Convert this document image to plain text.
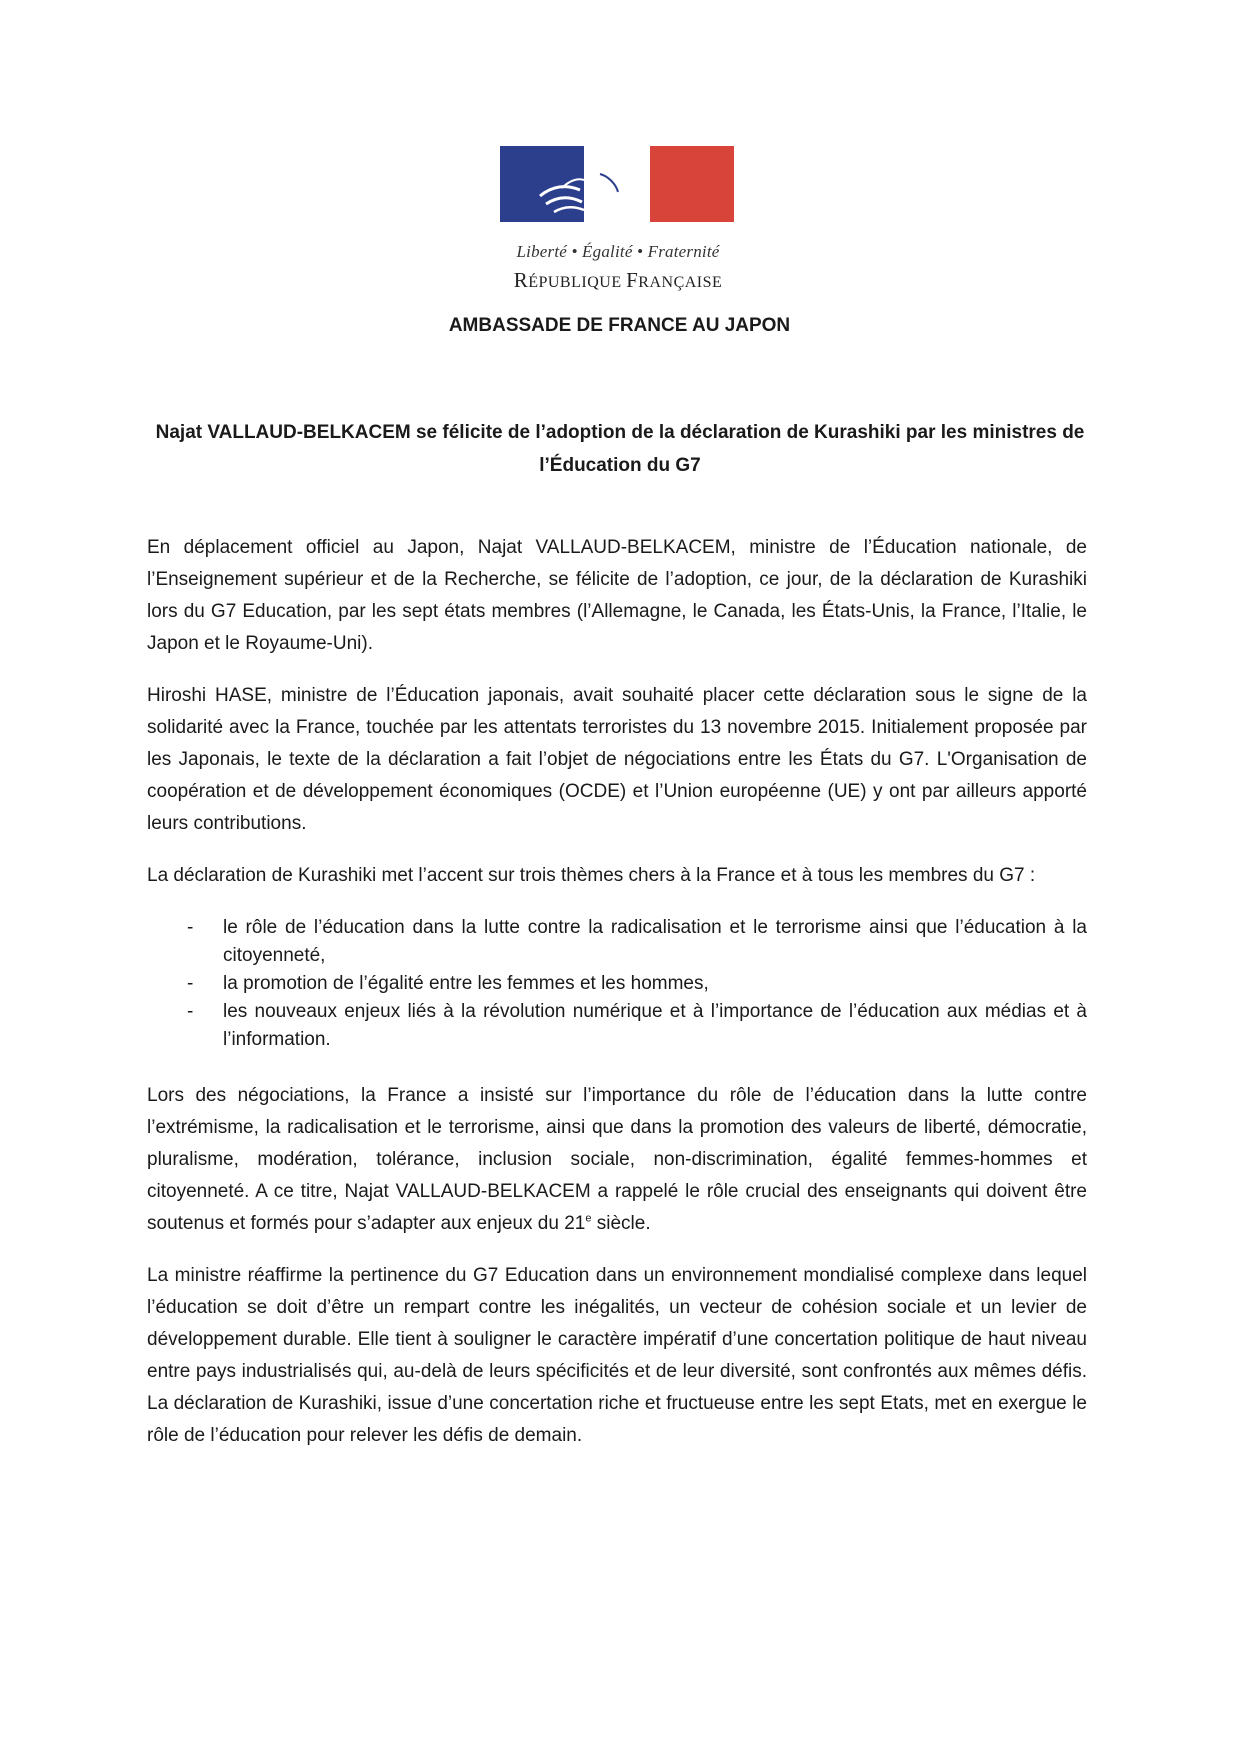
Liberté • Égalité • Fraternité
RÉPUBLIQUE FRANÇAISE
AMBASSADE DE FRANCE AU JAPON
Najat VALLAUD-BELKACEM se félicite de l’adoption de la déclaration de Kurashiki par les ministres de l’Éducation du G7

En déplacement officiel au Japon, Najat VALLAUD-BELKACEM, ministre de l’Éducation nationale, de l’Enseignement supérieur et de la Recherche, se félicite de l’adoption, ce jour, de la déclaration de Kurashiki lors du G7 Education, par les sept états membres (l’Allemagne, le Canada, les États-Unis, la France, l’Italie, le Japon et le Royaume-Uni).

Hiroshi HASE, ministre de l’Éducation japonais, avait souhaité placer cette déclaration sous le signe de la solidarité avec la France, touchée par les attentats terroristes du 13 novembre 2015. Initialement proposée par les Japonais, le texte de la déclaration a fait l’objet de négociations entre les États du G7. L'Organisation de coopération et de développement économiques (OCDE) et l’Union européenne (UE) y ont par ailleurs apporté leurs contributions.

La déclaration de Kurashiki met l’accent sur trois thèmes chers à la France et à tous les membres du G7 :

- le rôle de l’éducation dans la lutte contre la radicalisation et le terrorisme ainsi que l’éducation à la citoyenneté,
- la promotion de l’égalité entre les femmes et les hommes,
- les nouveaux enjeux liés à la révolution numérique et à l’importance de l’éducation aux médias et à l’information.

Lors des négociations, la France a insisté sur l’importance du rôle de l’éducation dans la lutte contre l’extrémisme, la radicalisation et le terrorisme, ainsi que dans la promotion des valeurs de liberté, démocratie, pluralisme, modération, tolérance, inclusion sociale, non-discrimination, égalité femmes-hommes et citoyenneté. A ce titre, Najat VALLAUD-BELKACEM a rappelé le rôle crucial des enseignants qui doivent être soutenus et formés pour s’adapter aux enjeux du 21e siècle.

La ministre réaffirme la pertinence du G7 Education dans un environnement mondialisé complexe dans lequel l’éducation se doit d’être un rempart contre les inégalités, un vecteur de cohésion sociale et un levier de développement durable. Elle tient à souligner le caractère impératif d’une concertation politique de haut niveau entre pays industrialisés qui, au-delà de leurs spécificités et de leur diversité, sont confrontés aux mêmes défis. La déclaration de Kurashiki, issue d’une concertation riche et fructueuse entre les sept Etats, met en exergue le rôle de l’éducation pour relever les défis de demain.
